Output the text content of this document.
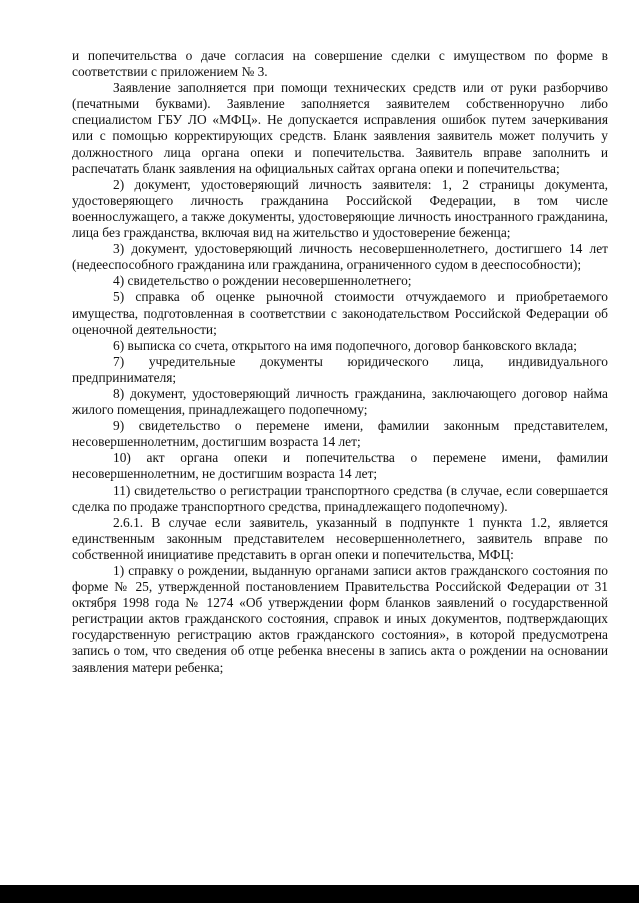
и попечительства о даче согласия на совершение сделки с имуществом по форме в соответствии с приложением № 3.

Заявление заполняется при помощи технических средств или от руки разборчиво (печатными буквами). Заявление заполняется заявителем собственноручно либо специалистом ГБУ ЛО «МФЦ». Не допускается исправления ошибок путем зачеркивания или с помощью корректирующих средств. Бланк заявления заявитель может получить у должностного лица органа опеки и попечительства. Заявитель вправе заполнить и распечатать бланк заявления на официальных сайтах органа опеки и попечительства;

2) документ, удостоверяющий личность заявителя: 1, 2 страницы документа, удостоверяющего личность гражданина Российской Федерации, в том числе военнослужащего, а также документы, удостоверяющие личность иностранного гражданина, лица без гражданства, включая вид на жительство и удостоверение беженца;

3) документ, удостоверяющий личность несовершеннолетнего, достигшего 14 лет (недееспособного гражданина или гражданина, ограниченного судом в дееспособности);

4) свидетельство о рождении несовершеннолетнего;

5) справка об оценке рыночной стоимости отчуждаемого и приобретаемого имущества, подготовленная в соответствии с законодательством Российской Федерации об оценочной деятельности;

6) выписка со счета, открытого на имя подопечного, договор банковского вклада;

7) учредительные документы юридического лица, индивидуального предпринимателя;

8) документ, удостоверяющий личность гражданина, заключающего договор найма жилого помещения, принадлежащего подопечному;

9) свидетельство о перемене имени, фамилии законным представителем, несовершеннолетним, достигшим возраста 14 лет;

10) акт органа опеки и попечительства о перемене имени, фамилии несовершеннолетним, не достигшим возраста 14 лет;

11) свидетельство о регистрации транспортного средства (в случае, если совершается сделка по продаже транспортного средства, принадлежащего подопечному).

2.6.1. В случае если заявитель, указанный в подпункте 1 пункта 1.2, является единственным законным представителем несовершеннолетнего, заявитель вправе по собственной инициативе представить в орган опеки и попечительства, МФЦ:

1) справку о рождении, выданную органами записи актов гражданского состояния по форме № 25, утвержденной постановлением Правительства Российской Федерации от 31 октября 1998 года № 1274 «Об утверждении форм бланков заявлений о государственной регистрации актов гражданского состояния, справок и иных документов, подтверждающих государственную регистрацию актов гражданского состояния», в которой предусмотрена запись о том, что сведения об отце ребенка внесены в запись акта о рождении на основании заявления матери ребенка;
